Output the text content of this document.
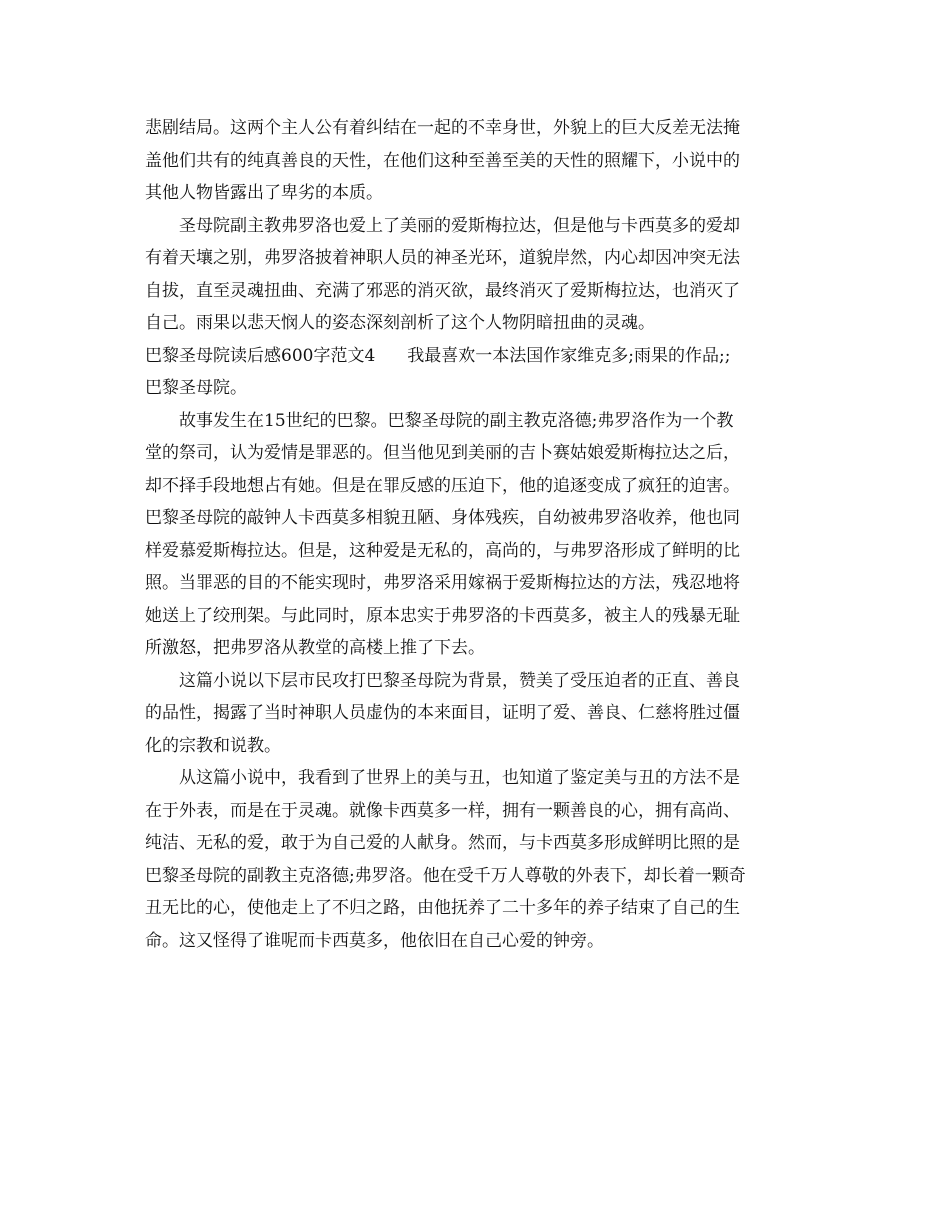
悲剧结局。这两个主人公有着纠结在一起的不幸身世，外貌上的巨大反差无法掩
盖他们共有的纯真善良的天性，在他们这种至善至美的天性的照耀下，小说中的
其他人物皆露出了卑劣的本质。
圣母院副主教弗罗洛也爱上了美丽的爱斯梅拉达，但是他与卡西莫多的爱却
有着天壤之别，弗罗洛披着神职人员的神圣光环，道貌岸然，内心却因冲突无法
自拔，直至灵魂扭曲、充满了邪恶的消灭欲，最终消灭了爱斯梅拉达，也消灭了
自己。雨果以悲天悯人的姿态深刻剖析了这个人物阴暗扭曲的灵魂。
巴黎圣母院读后感600字范文4 我最喜欢一本法国作家维克多;雨果的作品;;
巴黎圣母院。
故事发生在15世纪的巴黎。巴黎圣母院的副主教克洛德;弗罗洛作为一个教
堂的祭司，认为爱情是罪恶的。但当他见到美丽的吉卜赛姑娘爱斯梅拉达之后，
却不择手段地想占有她。但是在罪反感的压迫下，他的追逐变成了疯狂的迫害。
巴黎圣母院的敲钟人卡西莫多相貌丑陋、身体残疾，自幼被弗罗洛收养，他也同
样爱慕爱斯梅拉达。但是，这种爱是无私的，高尚的，与弗罗洛形成了鲜明的比
照。当罪恶的目的不能实现时，弗罗洛采用嫁祸于爱斯梅拉达的方法，残忍地将
她送上了绞刑架。与此同时，原本忠实于弗罗洛的卡西莫多，被主人的残暴无耻
所激怒，把弗罗洛从教堂的高楼上推了下去。
这篇小说以下层市民攻打巴黎圣母院为背景，赞美了受压迫者的正直、善良
的品性，揭露了当时神职人员虚伪的本来面目，证明了爱、善良、仁慈将胜过僵
化的宗教和说教。
从这篇小说中，我看到了世界上的美与丑，也知道了鉴定美与丑的方法不是
在于外表，而是在于灵魂。就像卡西莫多一样，拥有一颗善良的心，拥有高尚、
纯洁、无私的爱，敢于为自己爱的人献身。然而，与卡西莫多形成鲜明比照的是
巴黎圣母院的副教主克洛德;弗罗洛。他在受千万人尊敬的外表下，却长着一颗奇
丑无比的心，使他走上了不归之路，由他抚养了二十多年的养子结束了自己的生
命。这又怪得了谁呢而卡西莫多，他依旧在自己心爱的钟旁。
